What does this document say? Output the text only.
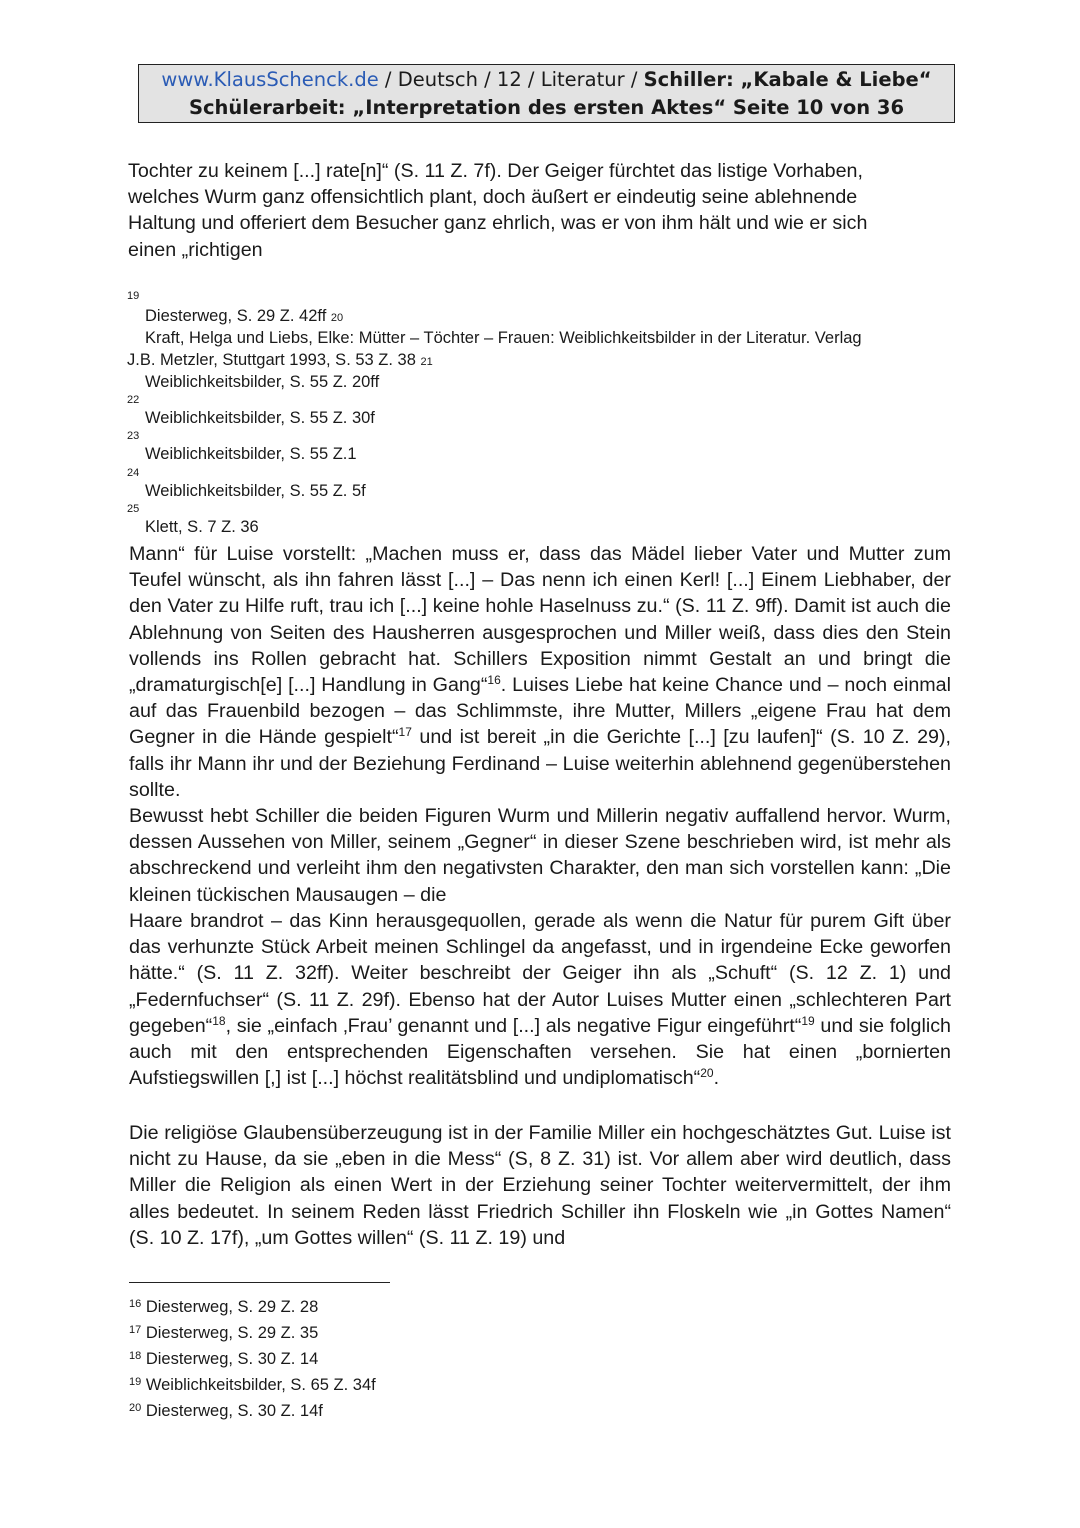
www.KlausSchenck.de / Deutsch / 12 / Literatur / Schiller: „Kabale & Liebe“
Schülerarbeit: „Interpretation des ersten Aktes“ Seite 10 von 36
Tochter zu keinem [...] rate[n]“ (S. 11 Z. 7f). Der Geiger fürchtet das listige Vorhaben,
welches Wurm ganz offensichtlich plant, doch äußert er eindeutig seine ablehnende
Haltung und offeriert dem Besucher ganz ehrlich, was er von ihm hält und wie er sich
einen „richtigen
19
Diesterweg, S. 29 Z. 42ff 20
Kraft, Helga und Liebs, Elke: Mütter – Töchter – Frauen: Weiblichkeitsbilder in der Literatur. Verlag
J.B. Metzler, Stuttgart 1993, S. 53 Z. 38 21
Weiblichkeitsbilder, S. 55 Z. 20ff
22
Weiblichkeitsbilder, S. 55 Z. 30f
23
Weiblichkeitsbilder, S. 55 Z.1
24
Weiblichkeitsbilder, S. 55 Z. 5f
25
Klett, S. 7 Z. 36

Mann“ für Luise vorstellt: „Machen muss er, dass das Mädel lieber Vater und Mutter zum Teufel wünscht, als ihn fahren lässt [...] – Das nenn ich einen Kerl! [...] Einem Liebhaber, der den Vater zu Hilfe ruft, trau ich [...] keine hohle Haselnuss zu.“ (S. 11 Z. 9ff). Damit ist auch die Ablehnung von Seiten des Hausherren ausgesprochen und Miller weiß, dass dies den Stein vollends ins Rollen gebracht hat. Schillers Exposition nimmt Gestalt an und bringt die „dramaturgisch[e] [...] Handlung in Gang“$^{16}$. Luises Liebe hat keine Chance und – noch einmal auf das Frauenbild bezogen – das Schlimmste, ihre Mutter, Millers „eigene Frau hat dem Gegner in die Hände gespielt“$^{17}$ und ist bereit „in die Gerichte [...] [zu laufen]“ (S. 10 Z. 29), falls ihr Mann ihr und der Beziehung Ferdinand – Luise weiterhin ablehnend gegenüberstehen sollte.

Bewusst hebt Schiller die beiden Figuren Wurm und Millerin negativ auffallend hervor. Wurm, dessen Aussehen von Miller, seinem „Gegner“ in dieser Szene beschrieben wird, ist mehr als abschreckend und verleiht ihm den negativsten Charakter, den man sich vorstellen kann: „Die kleinen tückischen Mausaugen – die

Haare brandrot – das Kinn herausgequollen, gerade als wenn die Natur für purem Gift über das verhunzte Stück Arbeit meinen Schlingel da angefasst, und in irgendeine Ecke geworfen hätte.“ (S. 11 Z. 32ff). Weiter beschreibt der Geiger ihn als „Schuft“ (S. 12 Z. 1) und „Federnfuchser“ (S. 11 Z. 29f). Ebenso hat der Autor Luises Mutter einen „schlechteren Part gegeben“$^{18}$, sie „einfach ‚Frau’ genannt und [...] als negative Figur eingeführt“$^{19}$ und sie folglich auch mit den entsprechenden Eigenschaften versehen. Sie hat einen „bornierten Aufstiegswillen [,] ist [...] höchst realitätsblind und undiplomatisch“$^{20}$.

Die religiöse Glaubensüberzeugung ist in der Familie Miller ein hochgeschätztes Gut. Luise ist nicht zu Hause, da sie „eben in die Mess“ (S, 8 Z. 31) ist. Vor allem aber wird deutlich, dass Miller die Religion als einen Wert in der Erziehung seiner Tochter weitervermittelt, der ihm alles bedeutet. In seinem Reden lässt Friedrich Schiller ihn Floskeln wie „in Gottes Namen“ (S. 10 Z. 17f), „um Gottes willen“ (S. 11 Z. 19) und

$^{16}$ Diesterweg, S. 29 Z. 28
$^{17}$ Diesterweg, S. 29 Z. 35
$^{18}$ Diesterweg, S. 30 Z. 14
$^{19}$ Weiblichkeitsbilder, S. 65 Z. 34f
$^{20}$ Diesterweg, S. 30 Z. 14f
